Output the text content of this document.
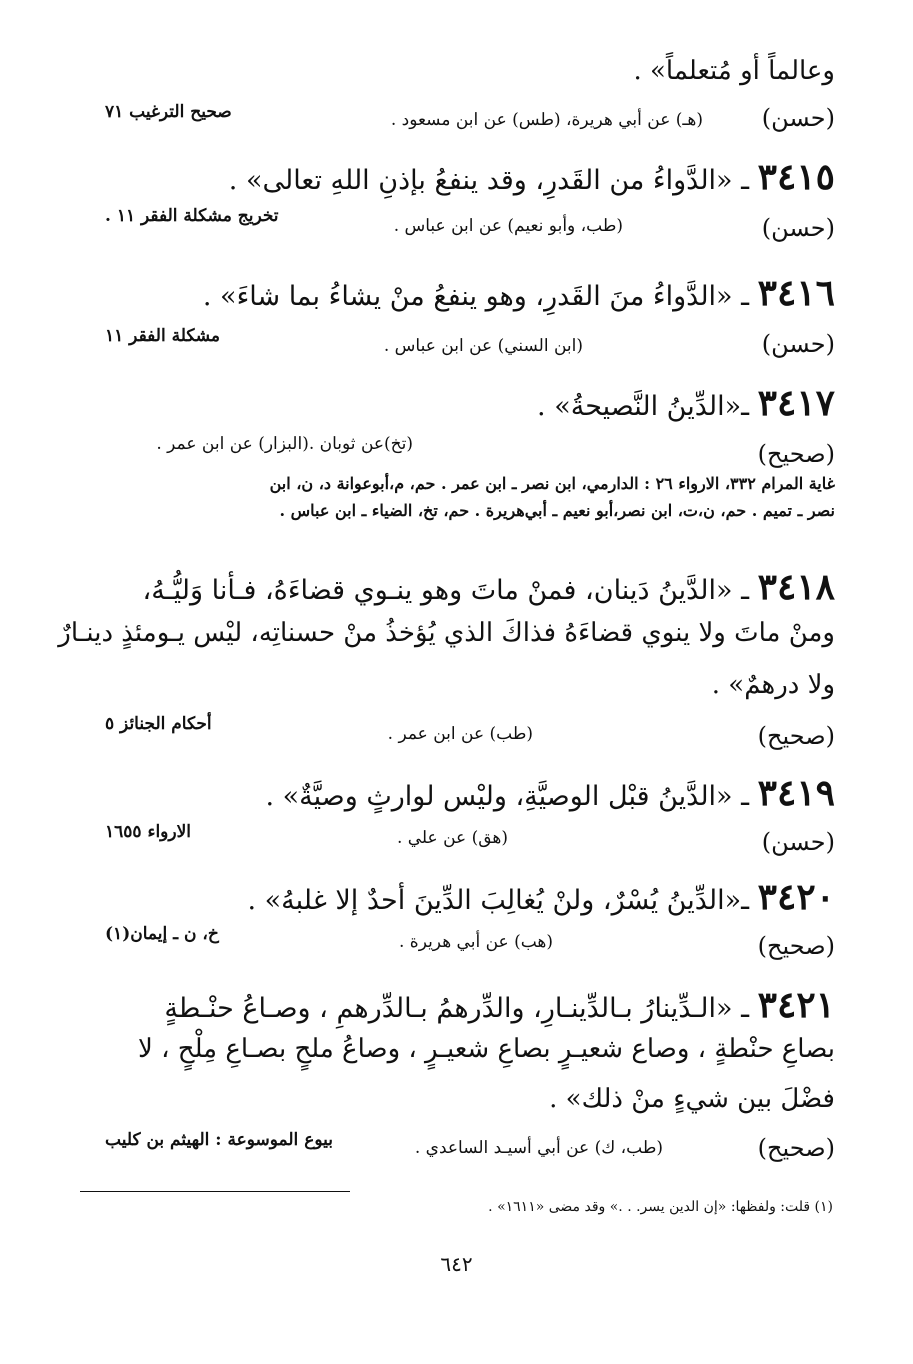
وعالماً أو مُتعلماً» .
(حسن)
(هـ) عن أبي هريرة، (طس) عن ابن مسعود .
صحيح الترغيب ٧١
٣٤١٥ ـ «الدَّواءُ من القَدرِ، وقد ينفعُ بإذنِ اللهِ تعالى» .
(حسن)
(طب، وأبو نعيم) عن ابن عباس .
تخريج مشكلة الفقر ١١ .
٣٤١٦ ـ «الدَّواءُ منَ القَدرِ، وهو ينفعُ منْ يشاءُ بما شاءَ» .
(حسن)
(ابن السني) عن ابن عباس .
مشكلة الفقر ١١
٣٤١٧ ـ«الدِّينُ النَّصيحةُ» .
(صحيح)
(تخ)عن ثوبان .(البزار) عن ابن عمر .
غاية المرام ٣٣٢، الارواء ٢٦ : الدارمي، ابن نصر ـ ابن عمر . حم، م،أبوعوانة د، ن، ابن
نصر ـ تميم . حم، ن،ت، ابن نصر،أبو نعيم ـ أبي‌هريرة . حم، تخ، الضياء ـ ابن عباس .
٣٤١٨ ـ «الدَّينُ دَينان، فمنْ ماتَ وهو ينـوي قضاءَهُ، فـأنا وَليُّـهُ،
ومنْ ماتَ ولا ينوي قضاءَهُ فذاكَ الذي يُؤخذُ منْ حسناتِه، ليْس يـومئذٍ دينـارٌ
ولا درهمٌ» .
(صحيح)
(طب) عن ابن عمر .
أحكام الجنائز ٥
٣٤١٩ ـ «الدَّينُ قبْل الوصيَّةِ، وليْس لوارثٍ وصيَّةٌ» .
(حسن)
(هق) عن علي .
الارواء ١٦٥٥
٣٤٢٠ ـ«الدِّينُ يُسْرٌ، ولنْ يُغالِبَ الدِّينَ أحدٌ إلا غلبهُ» .
(صحيح)
(هب) عن أبي هريرة .
خ، ن ـ إيمان(١)
٣٤٢١ ـ «الـدِّينارُ بـالدِّينـارِ، والدِّرهمُ بـالدِّرهمِ ، وصـاعُ حنْـطةٍ
بصاعِ حنْطةٍ ، وصاع شعيـرٍ بصاعِ شعيـرٍ ، وصاعُ ملحٍ بصـاعِ مِلْحٍ ، لا
فضْلَ بين شيءٍ منْ ذلك» .
(صحيح)
(طب، ك) عن أبي أسيـد الساعدي .
بيوع الموسوعة : الهيثم بن كليب
(١) قلت: ولفظها: «إن الدين يسر. . .» وقد مضى «١٦١١» .
٦٤٢
